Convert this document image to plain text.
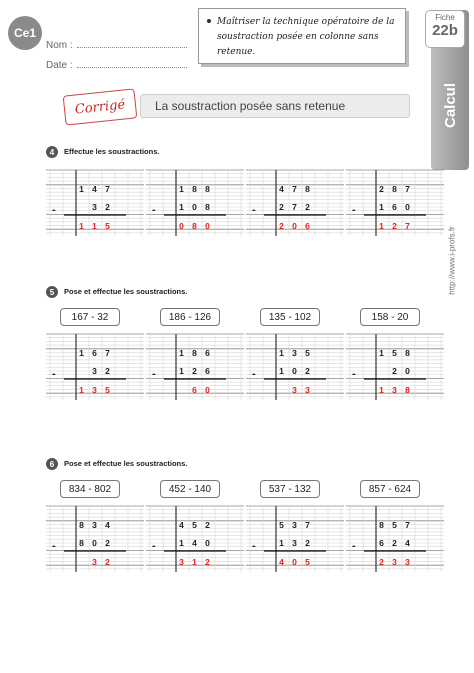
Ce1
Nom :
Date :
Maîtriser la technique opératoire de la soustraction posée en colonne sans retenue.
Fiche
22b
Calcul
http://www.i-profs.fr
Corrigé La soustraction posée sans retenue
4	Effectue les soustractions.
1 4 7
3 2
1 1 5
-
1 8 8
1 0 8
0 8 0
-
4 7 8
2 7 2
2 0 6
-
2 8 7
1 6 0
1 2 7
-
5	Pose et effectue les soustractions.
167 - 32
1 6 7
3 2
1 3 5
-
186 - 126
1 8 6
1 2 6
6 0
-
135 - 102
1 3 5
1 0 2
3 3
-
158 - 20
1 5 8
2 0
1 3 8
-
6	Pose et effectue les soustractions.
834 - 802
8 3 4
8 0 2
3 2
-
452 - 140
4 5 2
1 4 0
3 1 2
-
537 - 132
5 3 7
1 3 2
4 0 5
-
857 - 624
8 5 7
6 2 4
2 3 3
-
